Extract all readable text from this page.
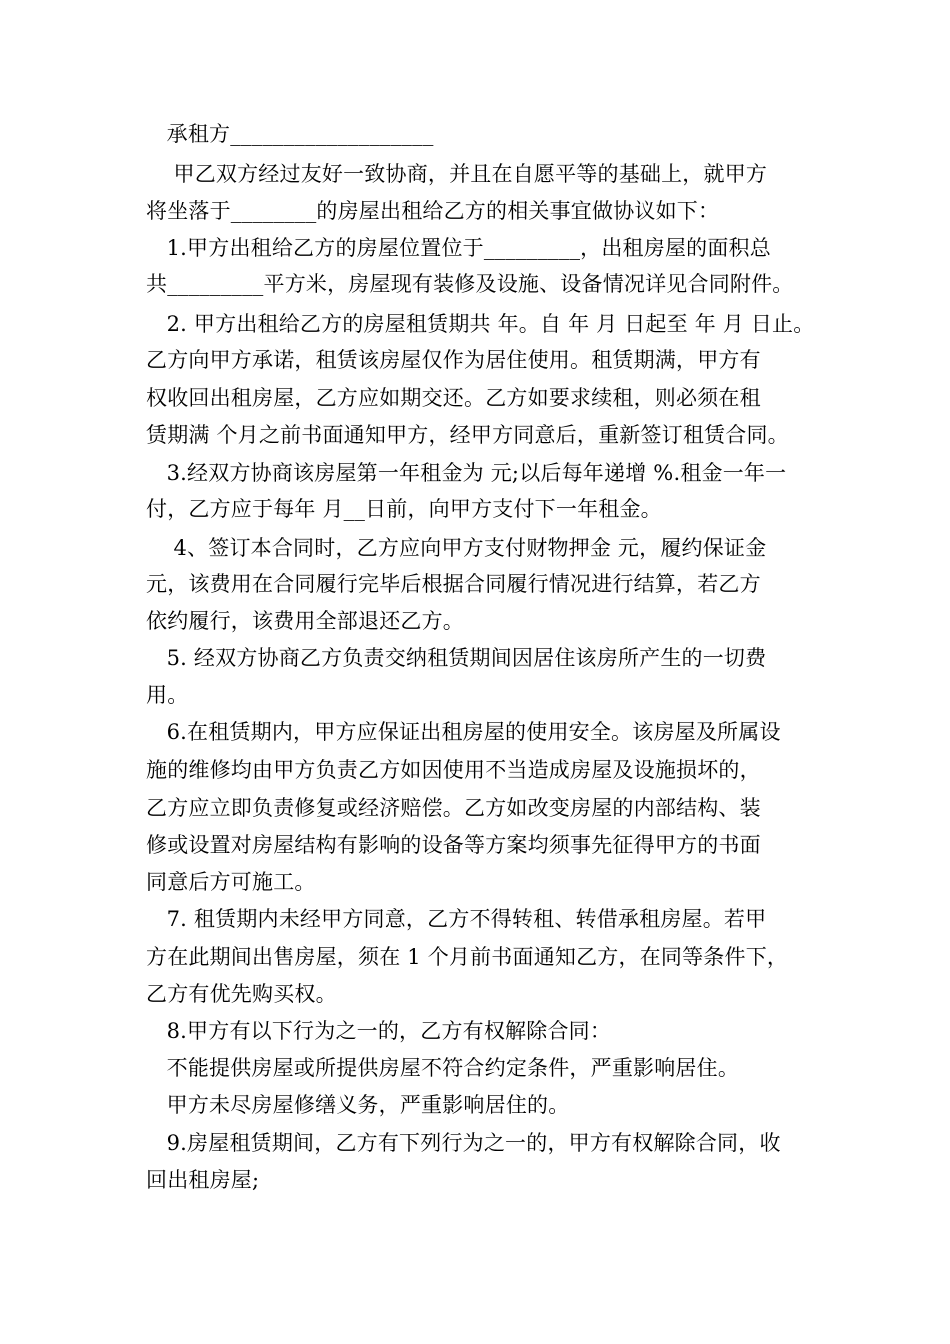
承租方___________________
甲乙双方经过友好一致协商，并且在自愿平等的基础上，就甲方
将坐落于________的房屋出租给乙方的相关事宜做协议如下：
1.甲方出租给乙方的房屋位置位于_________，出租房屋的面积总
共_________平方米，房屋现有装修及设施、设备情况详见合同附件。
2. 甲方出租给乙方的房屋租赁期共 年。自 年 月 日起至 年 月 日止。
乙方向甲方承诺，租赁该房屋仅作为居住使用。租赁期满，甲方有
权收回出租房屋，乙方应如期交还。乙方如要求续租，则必须在租
赁期满 个月之前书面通知甲方，经甲方同意后，重新签订租赁合同。
3.经双方协商该房屋第一年租金为 元;以后每年递增 %.租金一年一
付，乙方应于每年 月__日前，向甲方支付下一年租金。
4、签订本合同时，乙方应向甲方支付财物押金 元，履约保证金
元，该费用在合同履行完毕后根据合同履行情况进行结算，若乙方
依约履行，该费用全部退还乙方。
5. 经双方协商乙方负责交纳租赁期间因居住该房所产生的一切费
用。
6.在租赁期内，甲方应保证出租房屋的使用安全。该房屋及所属设
施的维修均由甲方负责乙方如因使用不当造成房屋及设施损坏的，
乙方应立即负责修复或经济赔偿。乙方如改变房屋的内部结构、装
修或设置对房屋结构有影响的设备等方案均须事先征得甲方的书面
同意后方可施工。
7. 租赁期内未经甲方同意，乙方不得转租、转借承租房屋。若甲
方在此期间出售房屋，须在 1 个月前书面通知乙方，在同等条件下，
乙方有优先购买权。
8.甲方有以下行为之一的，乙方有权解除合同：
不能提供房屋或所提供房屋不符合约定条件，严重影响居住。
甲方未尽房屋修缮义务，严重影响居住的。
9.房屋租赁期间，乙方有下列行为之一的，甲方有权解除合同，收
回出租房屋;
